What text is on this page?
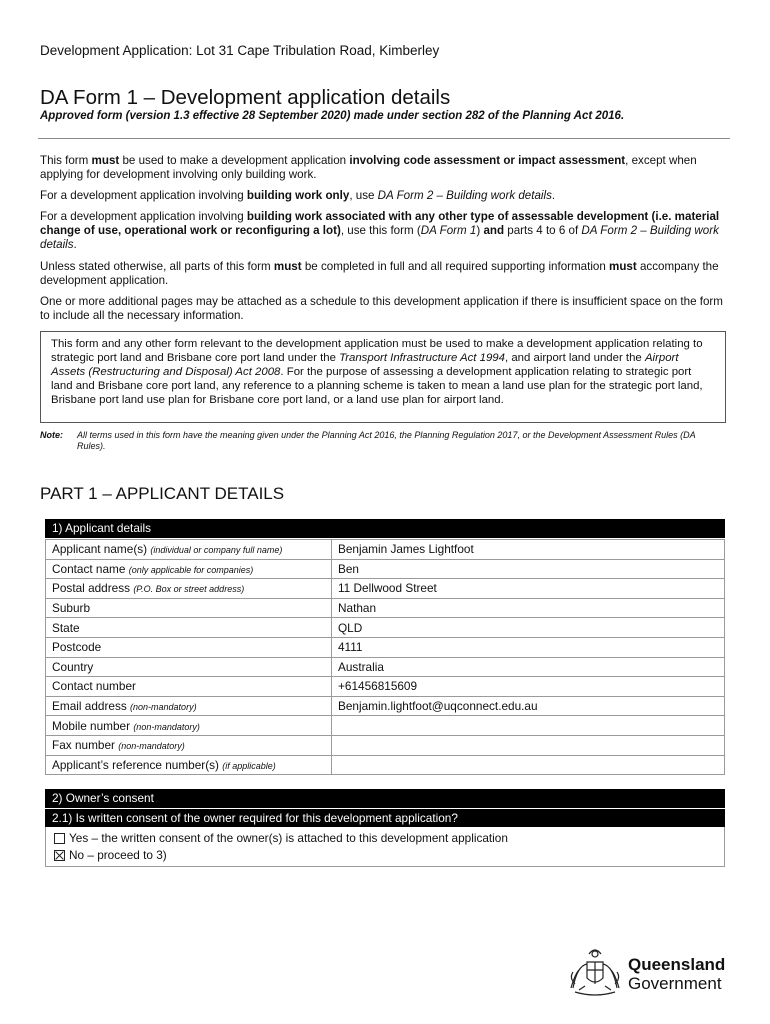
Development Application: Lot 31 Cape Tribulation Road, Kimberley
DA Form 1 – Development application details
Approved form (version 1.3 effective 28 September 2020) made under section 282 of the Planning Act 2016.
This form must be used to make a development application involving code assessment or impact assessment, except when applying for development involving only building work.
For a development application involving building work only, use DA Form 2 – Building work details.
For a development application involving building work associated with any other type of assessable development (i.e. material change of use, operational work or reconfiguring a lot), use this form (DA Form 1) and parts 4 to 6 of DA Form 2 – Building work details.
Unless stated otherwise, all parts of this form must be completed in full and all required supporting information must accompany the development application.
One or more additional pages may be attached as a schedule to this development application if there is insufficient space on the form to include all the necessary information.
This form and any other form relevant to the development application must be used to make a development application relating to strategic port land and Brisbane core port land under the Transport Infrastructure Act 1994, and airport land under the Airport Assets (Restructuring and Disposal) Act 2008. For the purpose of assessing a development application relating to strategic port land and Brisbane core port land, any reference to a planning scheme is taken to mean a land use plan for the strategic port land, Brisbane port land use plan for Brisbane core port land, or a land use plan for airport land.
Note: All terms used in this form have the meaning given under the Planning Act 2016, the Planning Regulation 2017, or the Development Assessment Rules (DA Rules).
PART 1 – APPLICANT DETAILS
1) Applicant details
Applicant name(s) (individual or company full name)	Benjamin James Lightfoot
Contact name (only applicable for companies)	Ben
Postal address (P.O. Box or street address)	11 Dellwood Street
Suburb	Nathan
State	QLD
Postcode	4111
Country	Australia
Contact number	+61456815609
Email address (non-mandatory)	Benjamin.lightfoot@uqconnect.edu.au
Mobile number (non-mandatory)	
Fax number (non-mandatory)	
Applicant’s reference number(s) (if applicable)	
2) Owner’s consent
2.1) Is written consent of the owner required for this development application?
Yes – the written consent of the owner(s) is attached to this development application
No – proceed to 3)
Queensland
Government
